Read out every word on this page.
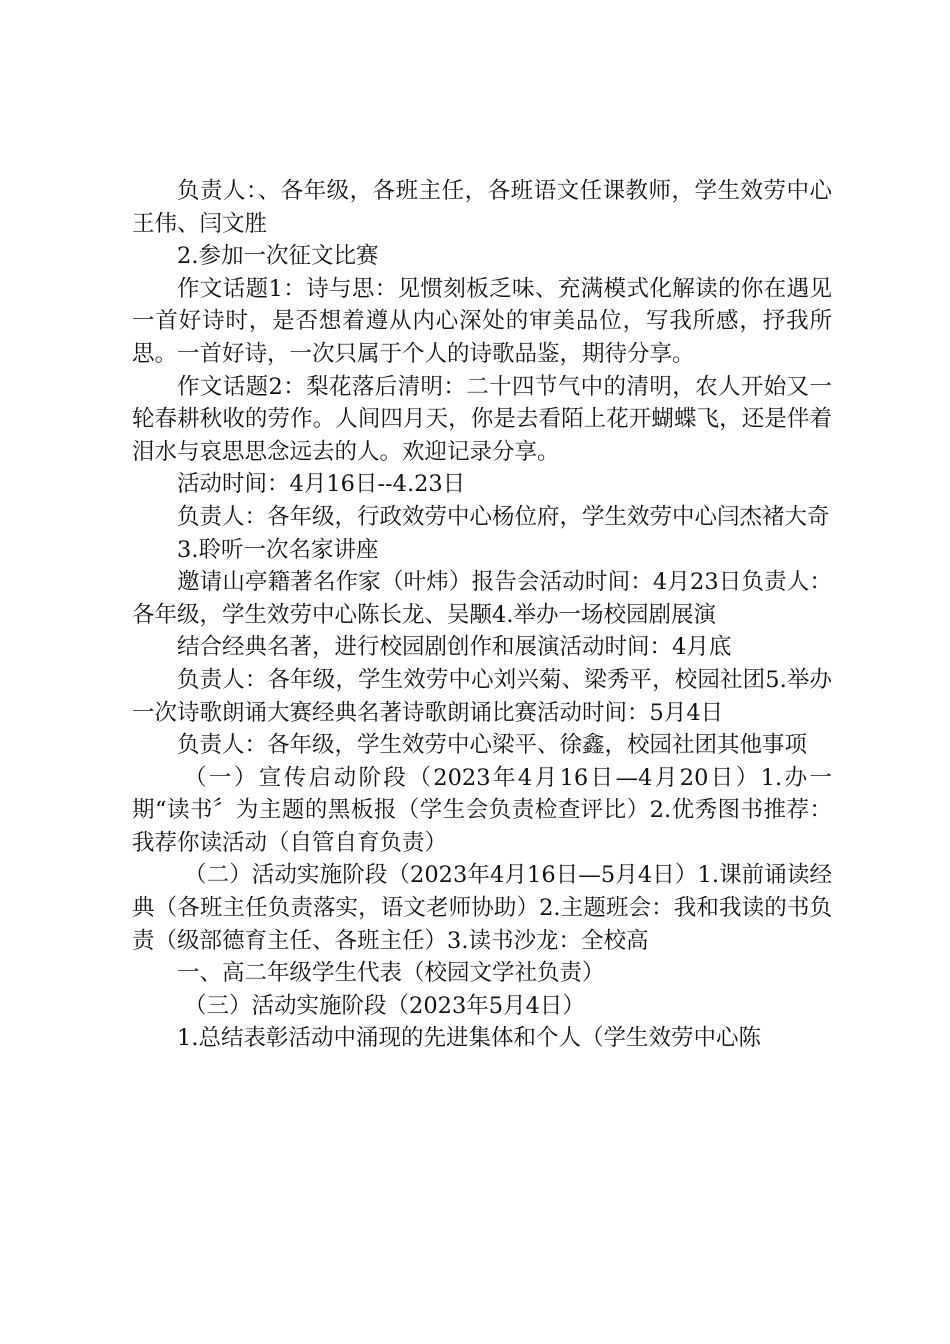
负责人：、各年级，各班主任，各班语文任课教师，学生效劳中心王伟、闫文胜

2.参加一次征文比赛

作文话题1：诗与思：见惯刻板乏味、充满模式化解读的你在遇见一首好诗时，是否想着遵从内心深处的审美品位，写我所感，抒我所思。一首好诗，一次只属于个人的诗歌品鉴，期待分享。

作文话题2：梨花落后清明：二十四节气中的清明，农人开始又一轮春耕秋收的劳作。人间四月天，你是去看陌上花开蝴蝶飞，还是伴着泪水与哀思思念远去的人。欢迎记录分享。

活动时间：4月16日--4.23日

负责人：各年级，行政效劳中心杨位府，学生效劳中心闫杰褚大奇

3.聆听一次名家讲座

邀请山亭籍著名作家（叶炜）报告会活动时间：4月23日负责人：各年级，学生效劳中心陈长龙、吴颙4.举办一场校园剧展演

结合经典名著，进行校园剧创作和展演活动时间：4月底

负责人：各年级，学生效劳中心刘兴菊、梁秀平，校园社团5.举办一次诗歌朗诵大赛经典名著诗歌朗诵比赛活动时间：5月4日

负责人：各年级，学生效劳中心梁平、徐鑫，校园社团其他事项

（一）宣传启动阶段（2023年4月16日—4月20日）1.办一期“读书〞为主题的黑板报（学生会负责检查评比）2.优秀图书推荐：我荐你读活动（自管自育负责）

（二）活动实施阶段（2023年4月16日—5月4日）1.课前诵读经典（各班主任负责落实，语文老师协助）2.主题班会：我和我读的书负责（级部德育主任、各班主任）3.读书沙龙：全校高

一、高二年级学生代表（校园文学社负责）

（三）活动实施阶段（2023年5月4日）

1.总结表彰活动中涌现的先进集体和个人（学生效劳中心陈
